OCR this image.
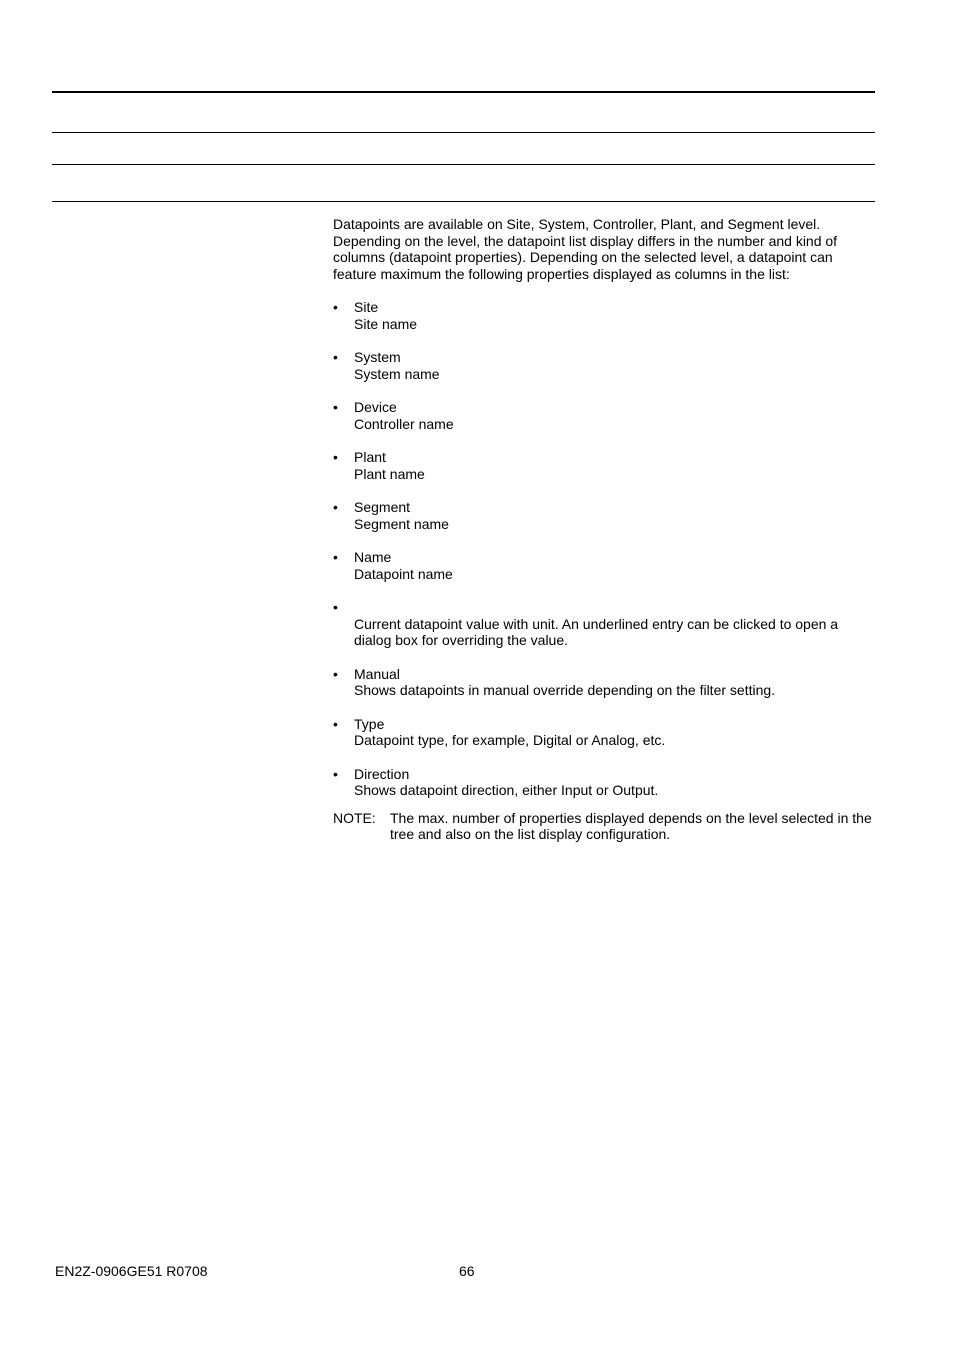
Datapoints are available on Site, System, Controller, Plant, and Segment level. Depending on the level, the datapoint list display differs in the number and kind of columns (datapoint properties). Depending on the selected level, a datapoint can feature maximum the following properties displayed as columns in the list:

• Site
Site name
• System
System name
• Device
Controller name
• Plant
Plant name
• Segment
Segment name
• Name
Datapoint name
•
Current datapoint value with unit. An underlined entry can be clicked to open a dialog box for overriding the value.
• Manual
Shows datapoints in manual override depending on the filter setting.
• Type
Datapoint type, for example, Digital or Analog, etc.
• Direction
Shows datapoint direction, either Input or Output.
NOTE:	The max. number of properties displayed depends on the level selected in the tree and also on the list display configuration.
EN2Z-0906GE51 R0708	66
